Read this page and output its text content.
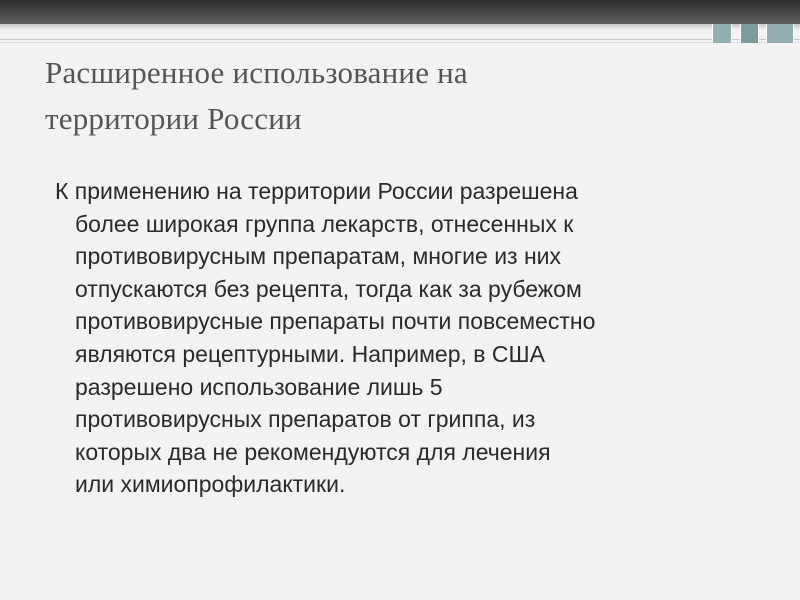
Расширенное использование на
территории России

К применению на территории России разрешена
более широкая группа лекарств, отнесенных к
противовирусным препаратам, многие из них
отпускаются без рецепта, тогда как за рубежом
противовирусные препараты почти повсеместно
являются рецептурными. Например, в США
разрешено использование лишь 5
противовирусных препаратов от гриппа, из
которых два не рекомендуются для лечения
или химиопрофилактики.
